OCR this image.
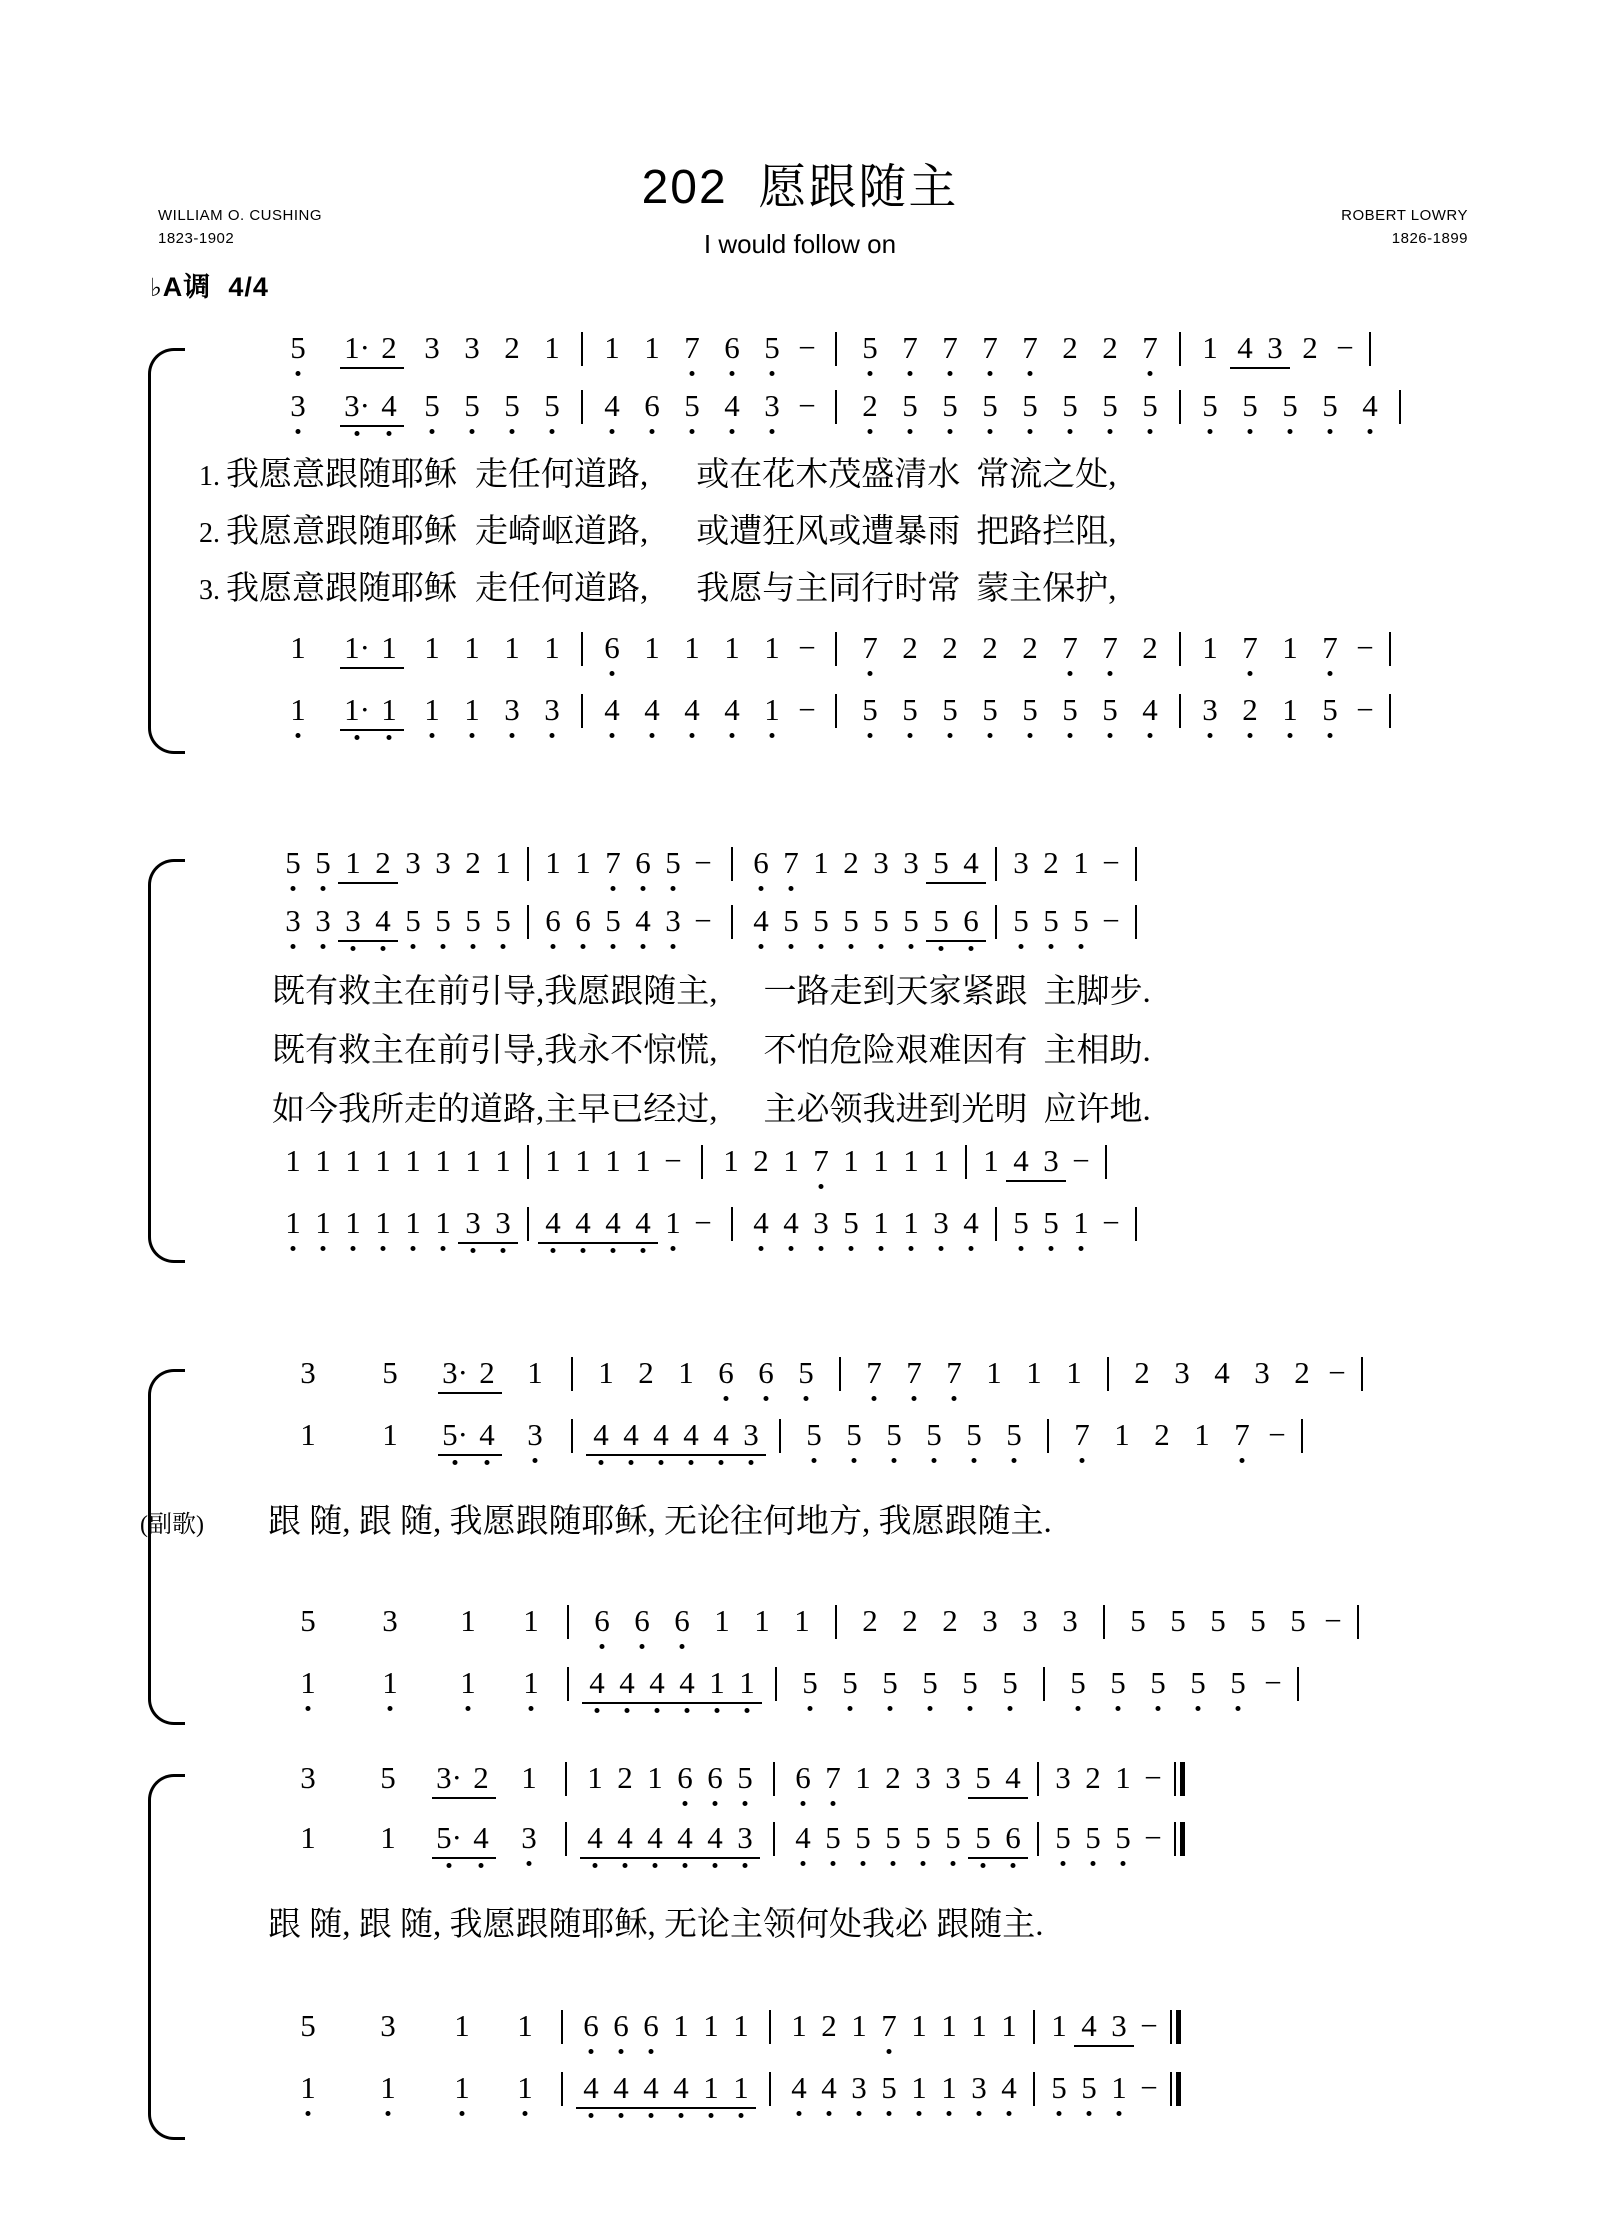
WILLIAM O. CUSHING
1823-1902
ROBERT LOWRY
1826-1899
202 愿跟随主
I would follow on
♭A调 4/4
5	1· 2 3 3 2 1	1 1 7 6 5 −	5 7 7 7 7 2 2 7	1 4 3 2 −
3	3· 4 5 5 5 5	4 6 5 4 3 −	2 5 5 5 5 5 5 5	5 5 5 5 4
1. 我愿意跟随耶稣 走任何道路, 或在花木茂盛清水 常流之处,
2. 我愿意跟随耶稣 走崎岖道路, 或遭狂风或遭暴雨 把路拦阻,
3. 我愿意跟随耶稣 走任何道路, 我愿与主同行时常 蒙主保护,
1	1· 1 1 1 1 1	6 1 1 1 1 −	7 2 2 2 2 7 7 2	1 7 1 7 −
1	1· 1 1 1 3 3	4 4 4 4 1 −	5 5 5 5 5 5 5 4	3 2 1 5 −
5 5 1 2 3 3 2 1 1 1 7 6 5 − 6 7 1 2 3 3 5 4 3 2 1 −
3 3 3 4 5 5 5 5 6 6 5 4 3 − 4 5 5 5 5 5 5 6 5 5 5 −
既有救主在前引导, 我愿跟随主, 一路走到天家紧跟 主脚步.
既有救主在前引导, 我永不惊慌, 不怕危险艰难因有 主相助.
如今我所走的道路, 主早已经过, 主必领我进到光明 应许地.
1 1 1 1 1 1 1 1 1 1 1 1 − 1 2 1 7 1 1 1 1 1 4 3 −
1 1 1 1 1 1 3 3 4 4 4 4 1 − 4 4 3 5 1 1 3 4 5 5 1 −
3	5	3· 2	1	1 2 1 6 6 5	7 7 7 1 1 1	2 3 4 3 2 −
1	1	5· 4	3	4 4 4 4 4 3	5 5 5 5 5 5	7 1 2 1 7 −
(副歌)	跟 随, 跟 随, 我愿跟随耶稣, 无论往何地方, 我愿跟随主.
5	3	1	1	6 6 6 1 1 1	2 2 2 3 3 3	5 5 5 5 5 −
1	1	1	1	4 4 4 4 1 1	5 5 5 5 5 5	5 5 5 5 5 −
3	5	3· 2	1	1 2 1 6 6 5 6 7 1 2 3 3 5 4 3 2 1 −
1	1	5· 4	3	4 4 4 4 4 3 4 5 5 5 5 5 5 6 5 5 5 −
跟 随, 跟 随, 我愿跟随耶稣, 无论主领何处我必 跟随主.
5	3	1	1	6 6 6 1 1 1 1 2 1 7 1 1 1 1 1 4 3 −
1	1	1	1	4 4 4 4 1 1 4 4 3 5 1 1 3 4 5 5 1 −
